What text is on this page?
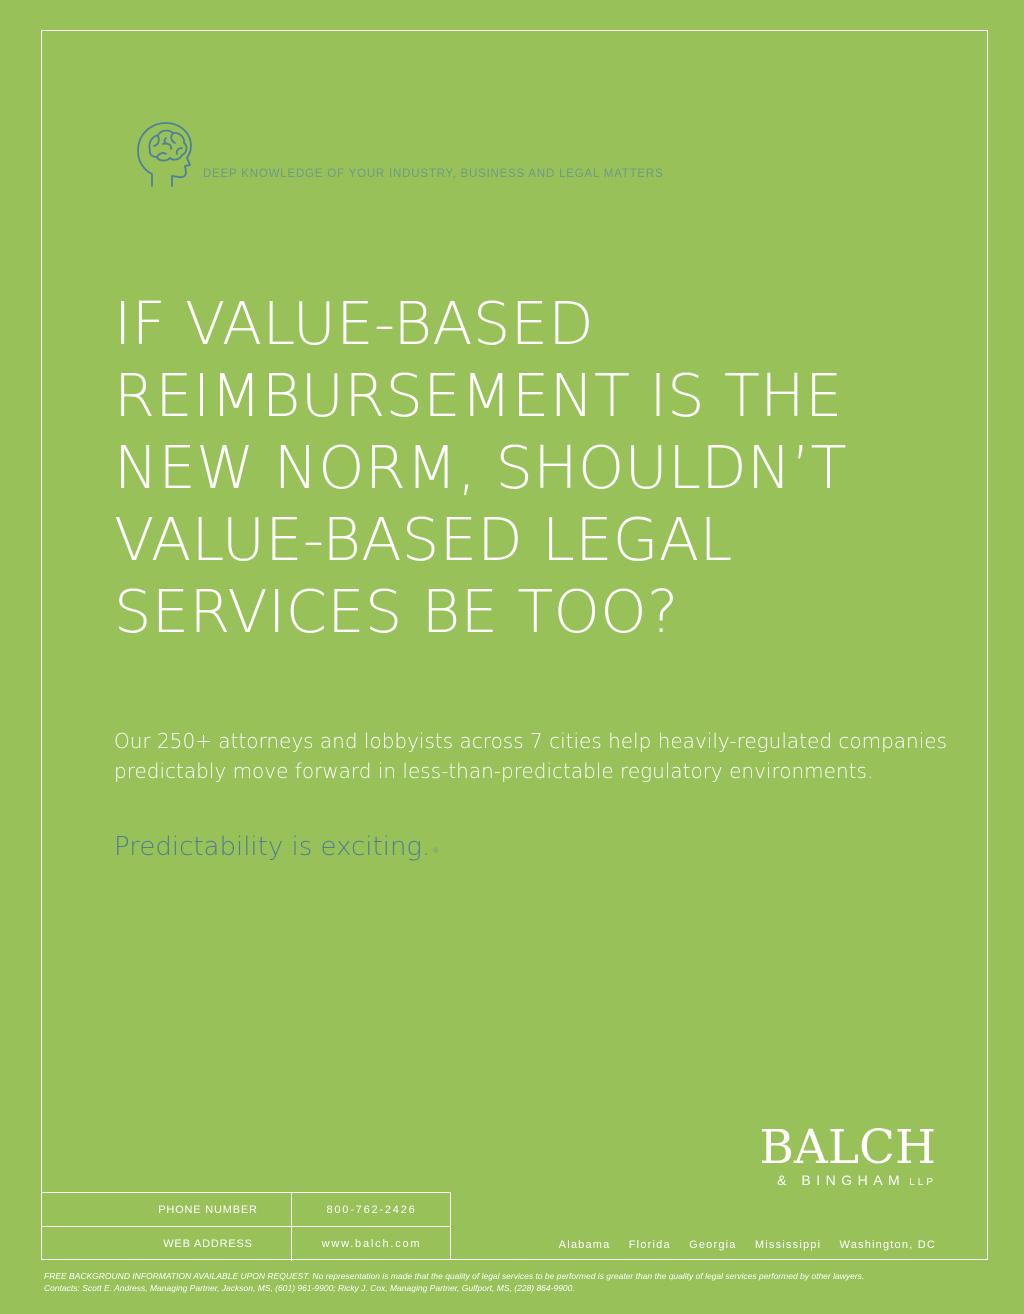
DEEP KNOWLEDGE OF YOUR INDUSTRY, BUSINESS AND LEGAL MATTERS
IF VALUE-BASED
REIMBURSEMENT IS THE
NEW NORM, SHOULDN’T
VALUE-BASED LEGAL
SERVICES BE TOO?

Our 250+ attorneys and lobbyists across 7 cities help heavily-regulated companies
predictably move forward in less-than-predictable regulatory environments.

Predictability is exciting. ®
BALCH
& BINGHAM LLP
PHONE NUMBER	800-762-2426
WEB ADDRESS	www.balch.com	Alabama Florida Georgia Mississippi Washington, DC
FREE BACKGROUND INFORMATION AVAILABLE UPON REQUEST. No representation is made that the quality of legal services to be performed is greater than the quality of legal services performed by other lawyers.
Contacts: Scott E. Andress, Managing Partner, Jackson, MS, (601) 961-9900; Ricky J. Cox, Managing Partner, Gulfport, MS, (228) 864-9900.
